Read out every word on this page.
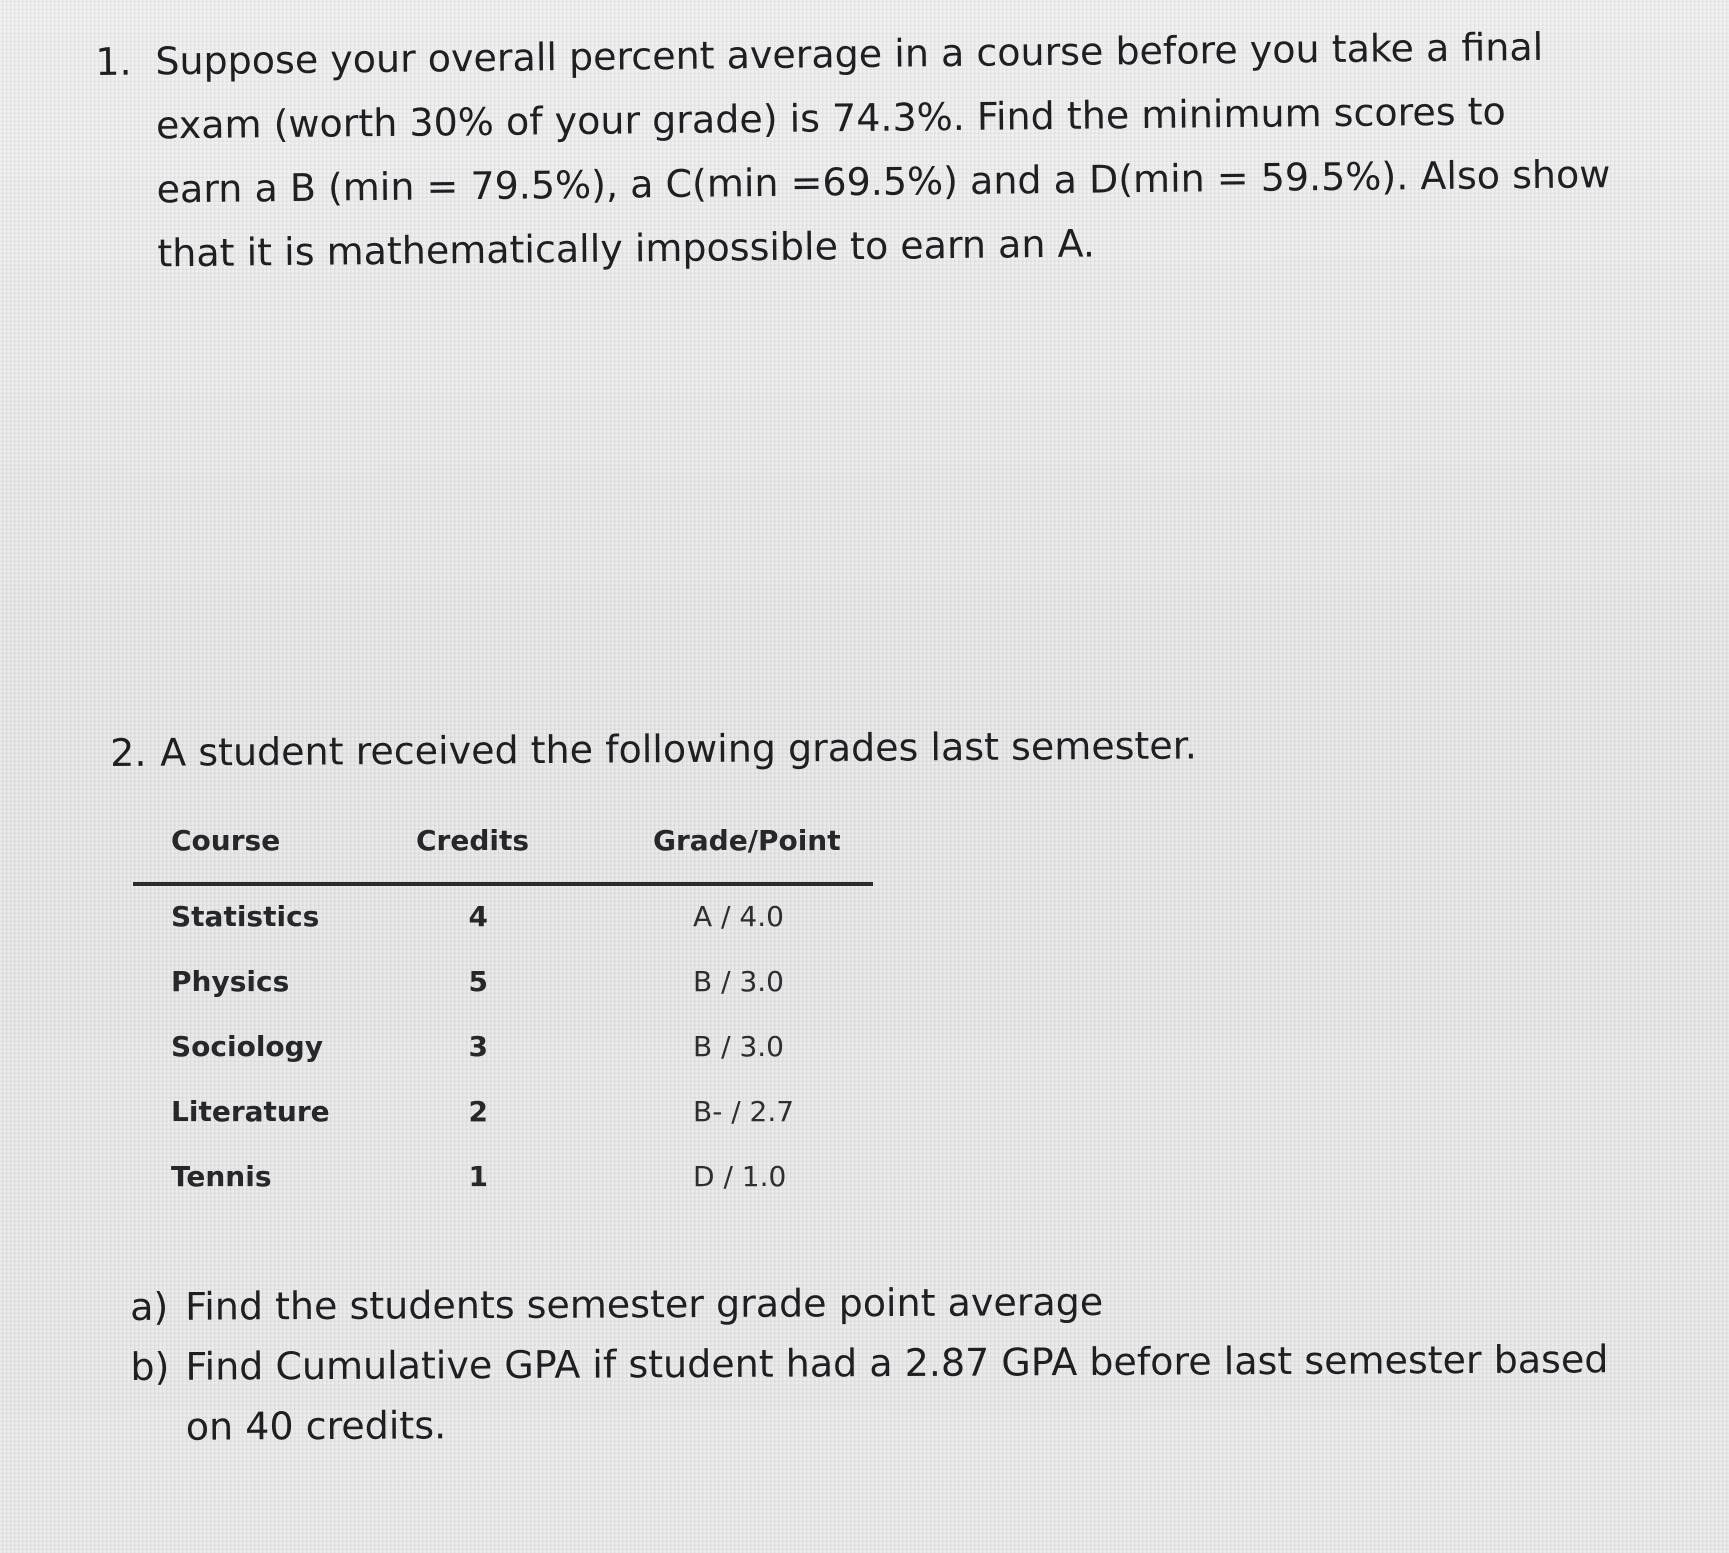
1. Suppose your overall percent average in a course before you take a final
exam (worth 30% of your grade) is 74.3%. Find the minimum scores to
earn a B (min = 79.5%), a C(min =69.5%) and a D(min = 59.5%). Also show
that it is mathematically impossible to earn an A.
2. A student received the following grades last semester.
Course	Credits	Grade/Point
Statistics	4	A / 4.0
Physics	5	B / 3.0
Sociology	3	B / 3.0
Literature	2	B- / 2.7
Tennis	1	D / 1.0
a) Find the students semester grade point average
b) Find Cumulative GPA if student had a 2.87 GPA before last semester based
on 40 credits.
